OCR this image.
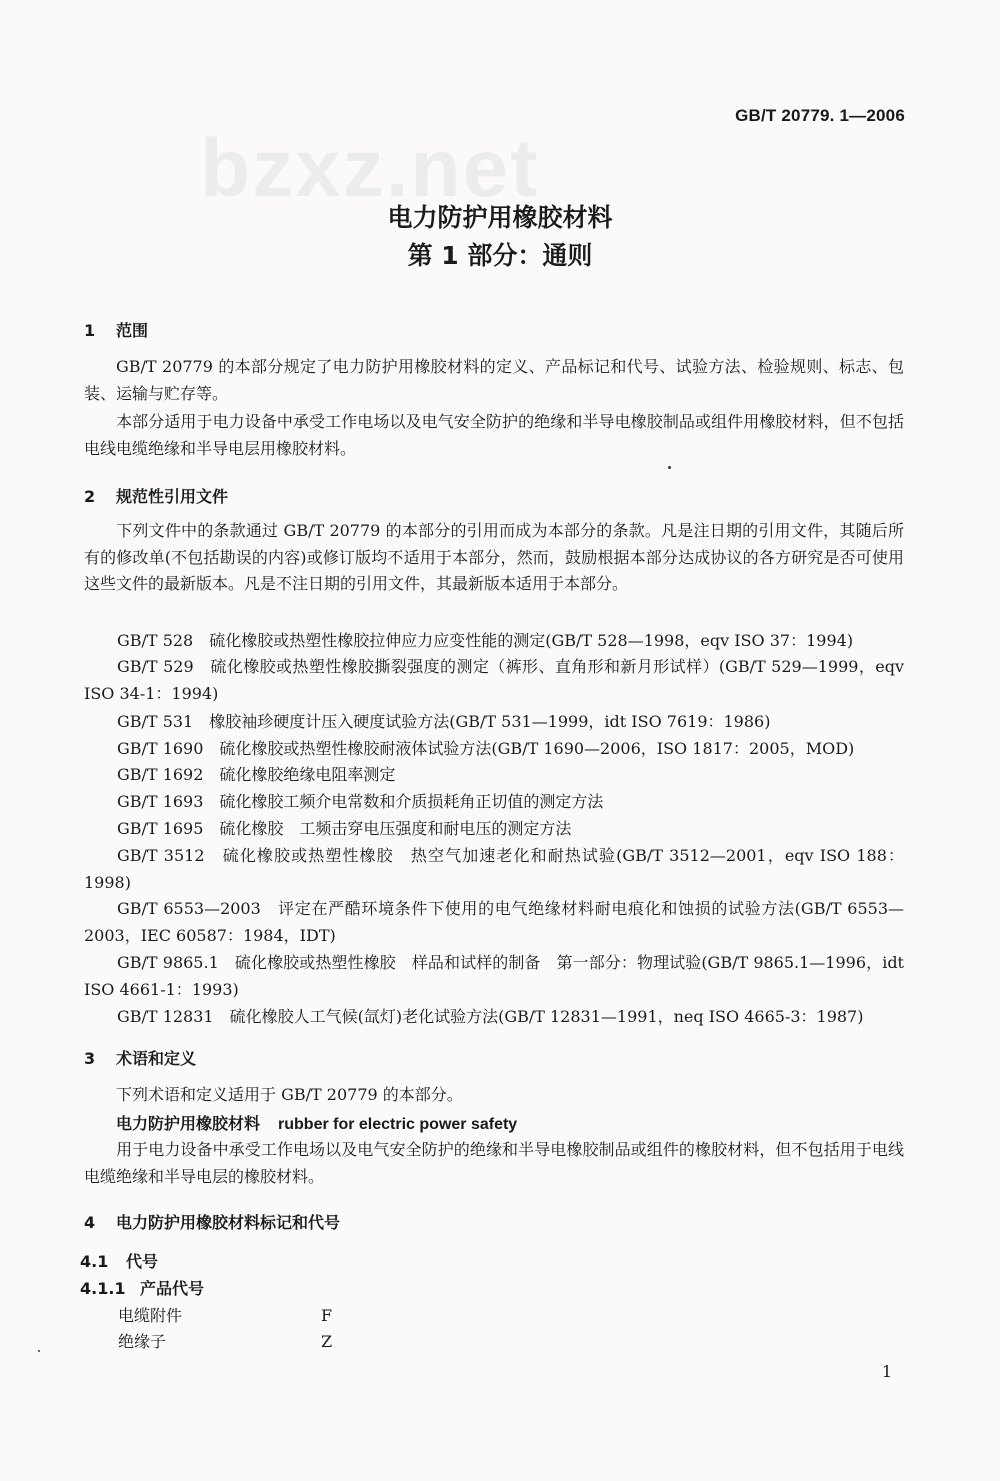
GB/T 20779. 1—2006
bzxz.net
电力防护用橡胶材料
第 1 部分：通则
1 范围
GB/T 20779 的本部分规定了电力防护用橡胶材料的定义、产品标记和代号、试验方法、检验规则、标志、包装、运输与贮存等。
本部分适用于电力设备中承受工作电场以及电气安全防护的绝缘和半导电橡胶制品或组件用橡胶材料，但不包括电线电缆绝缘和半导电层用橡胶材料。
2 规范性引用文件
下列文件中的条款通过 GB/T 20779 的本部分的引用而成为本部分的条款。凡是注日期的引用文件，其随后所有的修改单(不包括勘误的内容)或修订版均不适用于本部分，然而，鼓励根据本部分达成协议的各方研究是否可使用这些文件的最新版本。凡是不注日期的引用文件，其最新版本适用于本部分。
GB/T 528　硫化橡胶或热塑性橡胶拉伸应力应变性能的测定(GB/T 528—1998，eqv ISO 37：1994)
GB/T 529　硫化橡胶或热塑性橡胶撕裂强度的测定（裤形、直角形和新月形试样）(GB/T 529—1999，eqv ISO 34-1：1994)
GB/T 531　橡胶袖珍硬度计压入硬度试验方法(GB/T 531—1999，idt ISO 7619：1986)
GB/T 1690　硫化橡胶或热塑性橡胶耐液体试验方法(GB/T 1690—2006，ISO 1817：2005，MOD)
GB/T 1692　硫化橡胶绝缘电阻率测定
GB/T 1693　硫化橡胶工频介电常数和介质损耗角正切值的测定方法
GB/T 1695　硫化橡胶　工频击穿电压强度和耐电压的测定方法
GB/T 3512　硫化橡胶或热塑性橡胶　热空气加速老化和耐热试验(GB/T 3512—2001，eqv ISO 188：1998)
GB/T 6553—2003　评定在严酷环境条件下使用的电气绝缘材料耐电痕化和蚀损的试验方法(GB/T 6553—2003，IEC 60587：1984，IDT)
GB/T 9865.1　硫化橡胶或热塑性橡胶　样品和试样的制备　第一部分：物理试验(GB/T 9865.1—1996，idt ISO 4661-1：1993)
GB/T 12831　硫化橡胶人工气候(氙灯)老化试验方法(GB/T 12831—1991，neq ISO 4665-3：1987)
3 术语和定义
下列术语和定义适用于 GB/T 20779 的本部分。
电力防护用橡胶材料 rubber for electric power safety
用于电力设备中承受工作电场以及电气安全防护的绝缘和半导电橡胶制品或组件的橡胶材料，但不包括用于电线电缆绝缘和半导电层的橡胶材料。
4 电力防护用橡胶材料标记和代号
4.1 代号
4.1.1 产品代号
电缆附件	F
绝缘子	Z
1
